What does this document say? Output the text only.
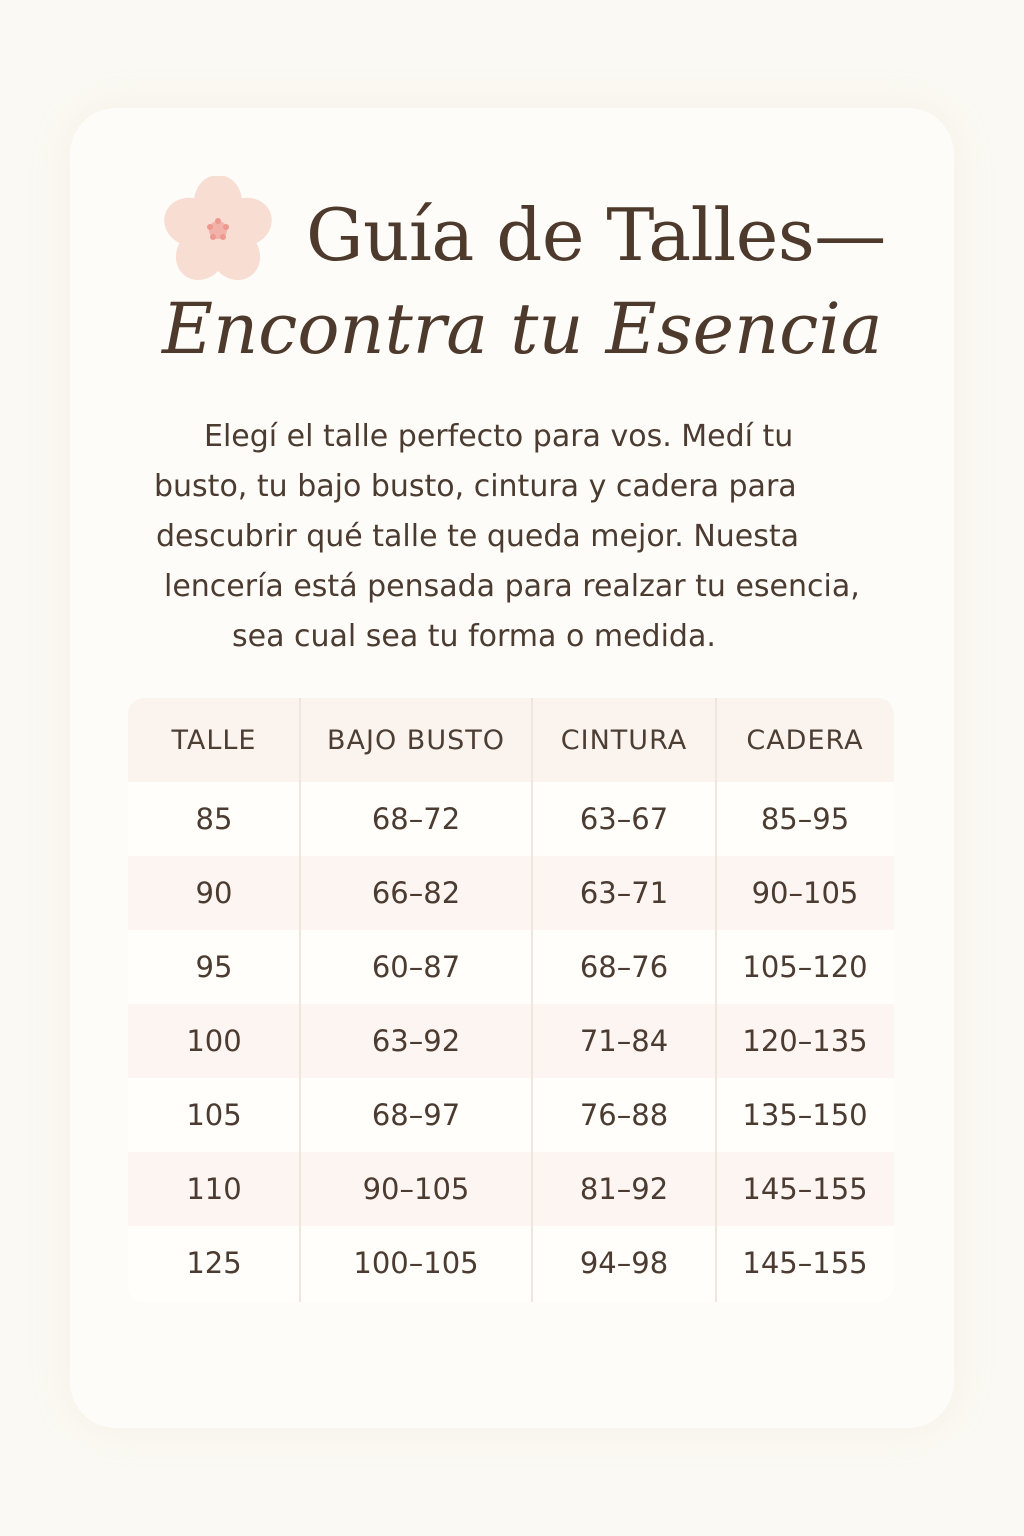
Guía de Talles—
Encontra tu Esencia
Elegí el talle perfecto para vos. Medí tu
busto, tu bajo busto, cintura y cadera para
descubrir qué talle te queda mejor. Nuesta
lencería está pensada para realzar tu esencia,
sea cual sea tu forma o medida.
TALLE	BAJO BUSTO	CINTURA	CADERA
85	68–72	63–67	85–95
90	66–82	63–71	90–105
95	60–87	68–76	105–120
100	63–92	71–84	120–135
105	68–97	76–88	135–150
110	90–105	81–92	145–155
125	100–105	94–98	145–155
